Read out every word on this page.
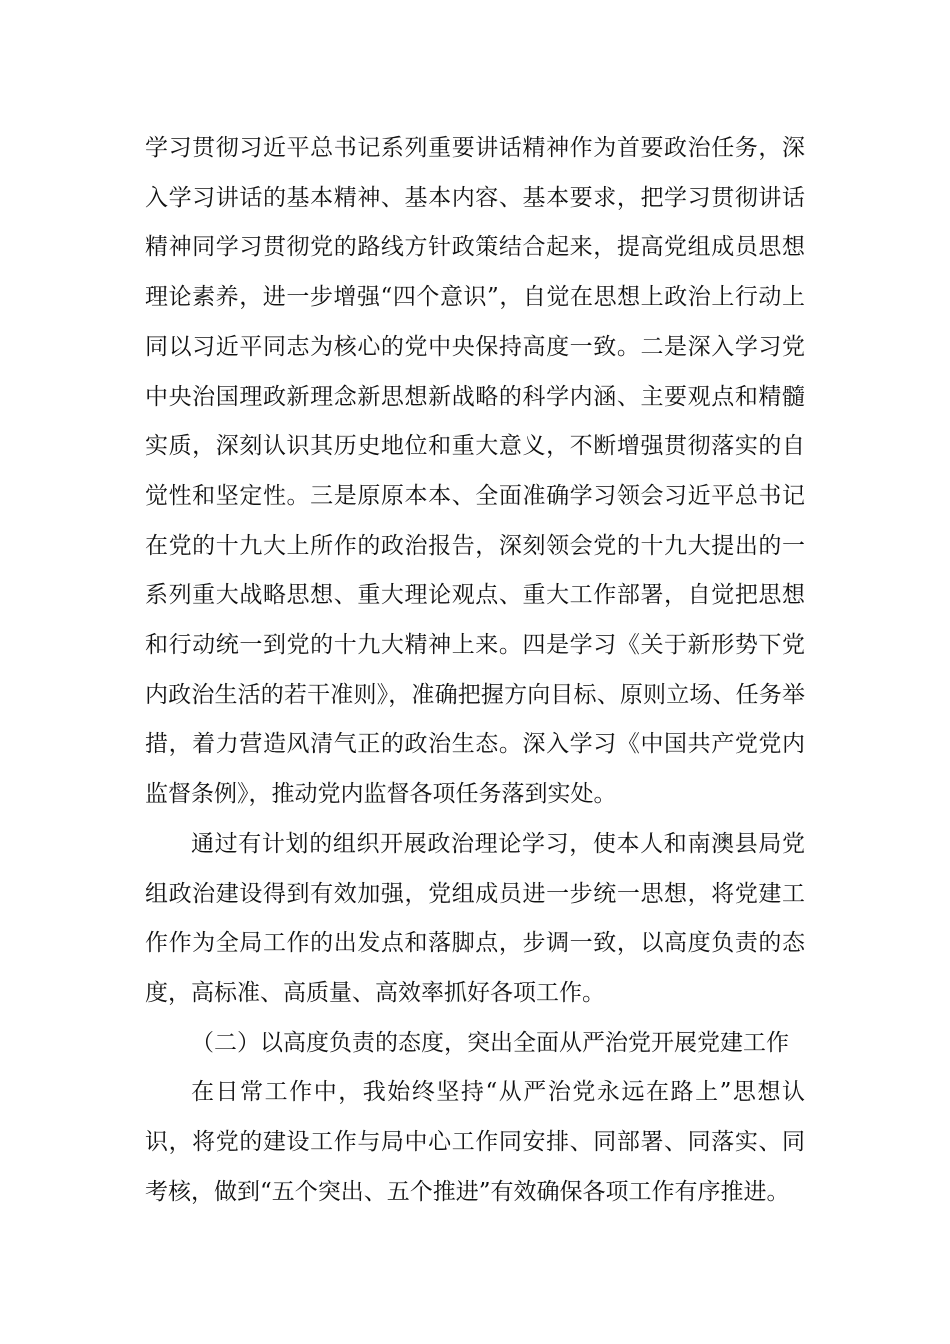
学习贯彻习近平总书记系列重要讲话精神作为首要政治任务，深入学习讲话的基本精神、基本内容、基本要求，把学习贯彻讲话精神同学习贯彻党的路线方针政策结合起来，提高党组成员思想理论素养，进一步增强“四个意识”，自觉在思想上政治上行动上同以习近平同志为核心的党中央保持高度一致。二是深入学习党中央治国理政新理念新思想新战略的科学内涵、主要观点和精髓实质，深刻认识其历史地位和重大意义，不断增强贯彻落实的自觉性和坚定性。三是原原本本、全面准确学习领会习近平总书记在党的十九大上所作的政治报告，深刻领会党的十九大提出的一系列重大战略思想、重大理论观点、重大工作部署，自觉把思想和行动统一到党的十九大精神上来。四是学习《关于新形势下党内政治生活的若干准则》，准确把握方向目标、原则立场、任务举措，着力营造风清气正的政治生态。深入学习《中国共产党党内监督条例》，推动党内监督各项任务落到实处。

通过有计划的组织开展政治理论学习，使本人和南澳县局党组政治建设得到有效加强，党组成员进一步统一思想，将党建工作作为全局工作的出发点和落脚点，步调一致，以高度负责的态度，高标准、高质量、高效率抓好各项工作。

（二）以高度负责的态度，突出全面从严治党开展党建工作

在日常工作中，我始终坚持“从严治党永远在路上”思想认识，将党的建设工作与局中心工作同安排、同部署、同落实、同考核，做到“五个突出、五个推进”有效确保各项工作有序推进。
